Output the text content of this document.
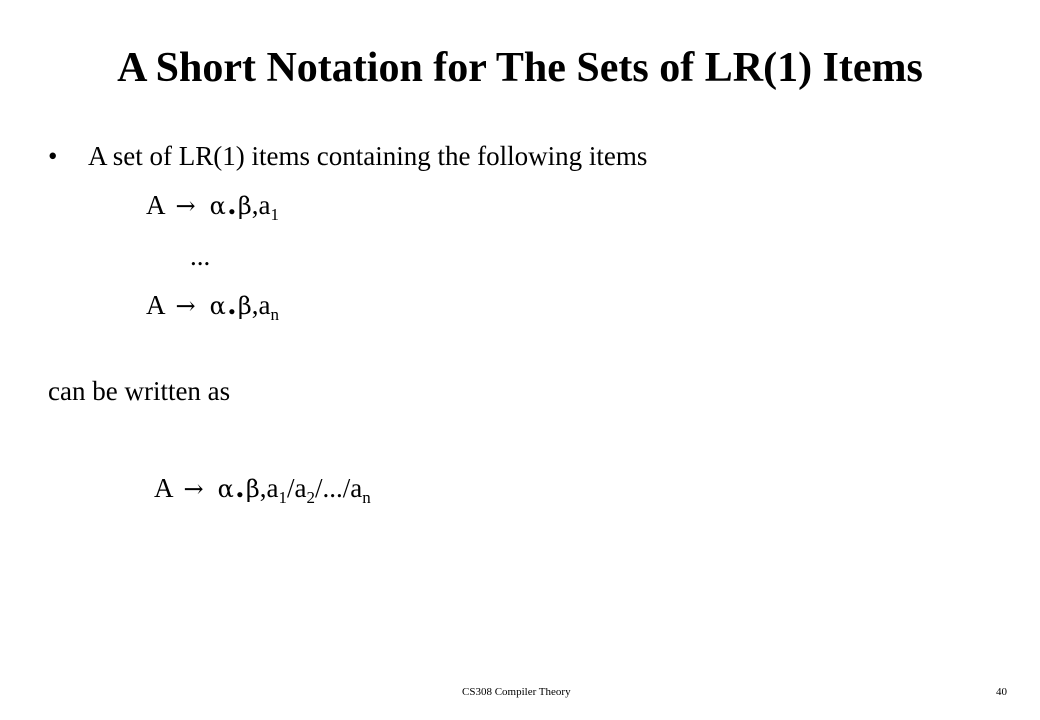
A Short Notation for The Sets of LR(1) Items
• A set of LR(1) items containing the following items
$A \to \alpha.\beta,a_1$
...
$A \to \alpha.\beta,a_n$
can be written as
$A \to \alpha.\beta,a_1/a_2/.../a_n$
CS308 Compiler Theory	40
